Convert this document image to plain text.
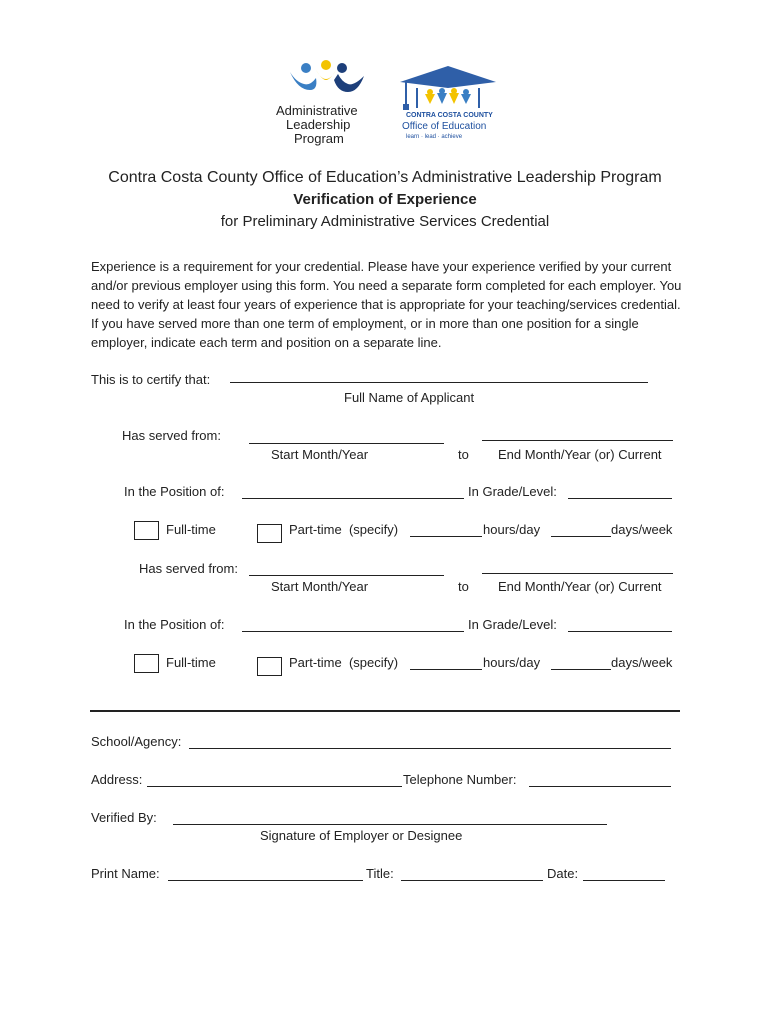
Administrative
Leadership
Program
CONTRA COSTA COUNTY
Office of Education
learn · lead · achieve
Contra Costa County Office of Education’s Administrative Leadership Program
Verification of Experience
for Preliminary Administrative Services Credential
Experience is a requirement for your credential. Please have your experience verified by your current and/or previous employer using this form. You need a separate form completed for each employer. You need to verify at least four years of experience that is appropriate for your teaching/services credential. If you have served more than one term of employment, or in more than one position for a single employer, indicate each term and position on a separate line.
This is to certify that:
Full Name of Applicant
Has served from:
Start Month/Year	to End Month/Year (or) Current
In the Position of:	In Grade/Level:
Full-time	Part-time  (specify)	hours/day	days/week
Has served from:
Start Month/Year	to End Month/Year (or) Current
In the Position of:	In Grade/Level:
Full-time	Part-time  (specify)	hours/day	days/week
School/Agency:
Address:	Telephone Number:
Verified By:
Signature of Employer or Designee
Print Name:	Title:	Date:
